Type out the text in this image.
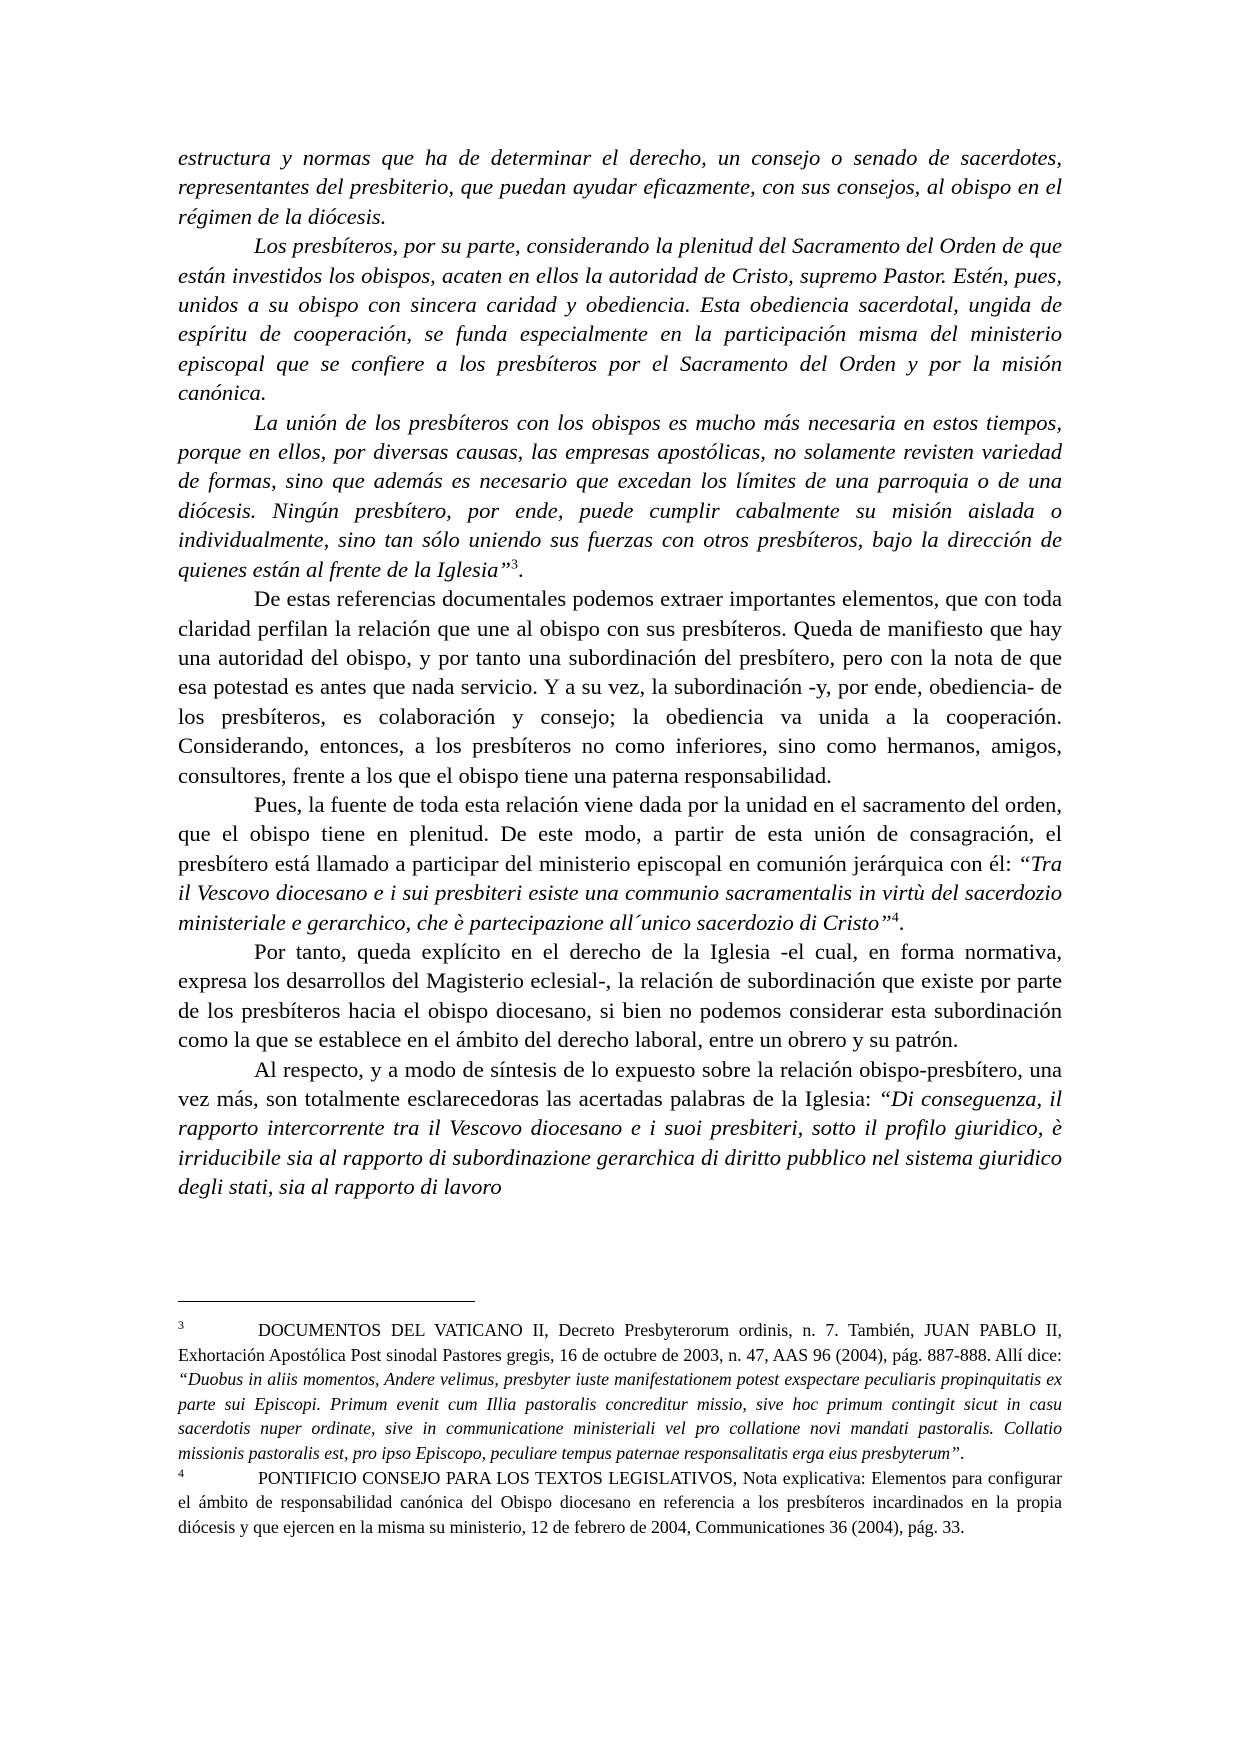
estructura y normas que ha de determinar el derecho, un consejo o senado de sacerdotes, representantes del presbiterio, que puedan ayudar eficazmente, con sus consejos, al obispo en el régimen de la diócesis.

Los presbíteros, por su parte, considerando la plenitud del Sacramento del Orden de que están investidos los obispos, acaten en ellos la autoridad de Cristo, supremo Pastor. Estén, pues, unidos a su obispo con sincera caridad y obediencia. Esta obediencia sacerdotal, ungida de espíritu de cooperación, se funda especialmente en la participación misma del ministerio episcopal que se confiere a los presbíteros por el Sacramento del Orden y por la misión canónica.

La unión de los presbíteros con los obispos es mucho más necesaria en estos tiempos, porque en ellos, por diversas causas, las empresas apostólicas, no solamente revisten variedad de formas, sino que además es necesario que excedan los límites de una parroquia o de una diócesis. Ningún presbítero, por ende, puede cumplir cabalmente su misión aislada o individualmente, sino tan sólo uniendo sus fuerzas con otros presbíteros, bajo la dirección de quienes están al frente de la Iglesia”$^3$.

De estas referencias documentales podemos extraer importantes elementos, que con toda claridad perfilan la relación que une al obispo con sus presbíteros. Queda de manifiesto que hay una autoridad del obispo, y por tanto una subordinación del presbítero, pero con la nota de que esa potestad es antes que nada servicio. Y a su vez, la subordinación -y, por ende, obediencia- de los presbíteros, es colaboración y consejo; la obediencia va unida a la cooperación. Considerando, entonces, a los presbíteros no como inferiores, sino como hermanos, amigos, consultores, frente a los que el obispo tiene una paterna responsabilidad.

Pues, la fuente de toda esta relación viene dada por la unidad en el sacramento del orden, que el obispo tiene en plenitud. De este modo, a partir de esta unión de consagración, el presbítero está llamado a participar del ministerio episcopal en comunión jerárquica con él: “Tra il Vescovo diocesano e i sui presbiteri esiste una communio sacramentalis in virtù del sacerdozio ministeriale e gerarchico, che è partecipazione all´unico sacerdozio di Cristo”$^4$.

Por tanto, queda explícito en el derecho de la Iglesia -el cual, en forma normativa, expresa los desarrollos del Magisterio eclesial-, la relación de subordinación que existe por parte de los presbíteros hacia el obispo diocesano, si bien no podemos considerar esta subordinación como la que se establece en el ámbito del derecho laboral, entre un obrero y su patrón.

Al respecto, y a modo de síntesis de lo expuesto sobre la relación obispo-presbítero, una vez más, son totalmente esclarecedoras las acertadas palabras de la Iglesia: “Di conseguenza, il rapporto intercorrente tra il Vescovo diocesano e i suoi presbiteri, sotto il profilo giuridico, è irriducibile sia al rapporto di subordinazione gerarchica di diritto pubblico nel sistema giuridico degli stati, sia al rapporto di lavoro

$^3$	DOCUMENTOS DEL VATICANO II, Decreto Presbyterorum ordinis, n. 7. También, JUAN PABLO II, Exhortación Apostólica Post sinodal Pastores gregis, 16 de octubre de 2003, n. 47, AAS 96 (2004), pág. 887-888. Allí dice: “Duobus in aliis momentos, Andere velimus, presbyter iuste manifestationem potest exspectare peculiaris propinquitatis ex parte sui Episcopi. Primum evenit cum Illia pastoralis concreditur missio, sive hoc primum contingit sicut in casu sacerdotis nuper ordinate, sive in communicatione ministeriali vel pro collatione novi mandati pastoralis. Collatio missionis pastoralis est, pro ipso Episcopo, peculiare tempus paternae responsalitatis erga eius presbyterum”.

$^4$	PONTIFICIO CONSEJO PARA LOS TEXTOS LEGISLATIVOS, Nota explicativa: Elementos para configurar el ámbito de responsabilidad canónica del Obispo diocesano en referencia a los presbíteros incardinados en la propia diócesis y que ejercen en la misma su ministerio, 12 de febrero de 2004, Communicationes 36 (2004), pág. 33.
